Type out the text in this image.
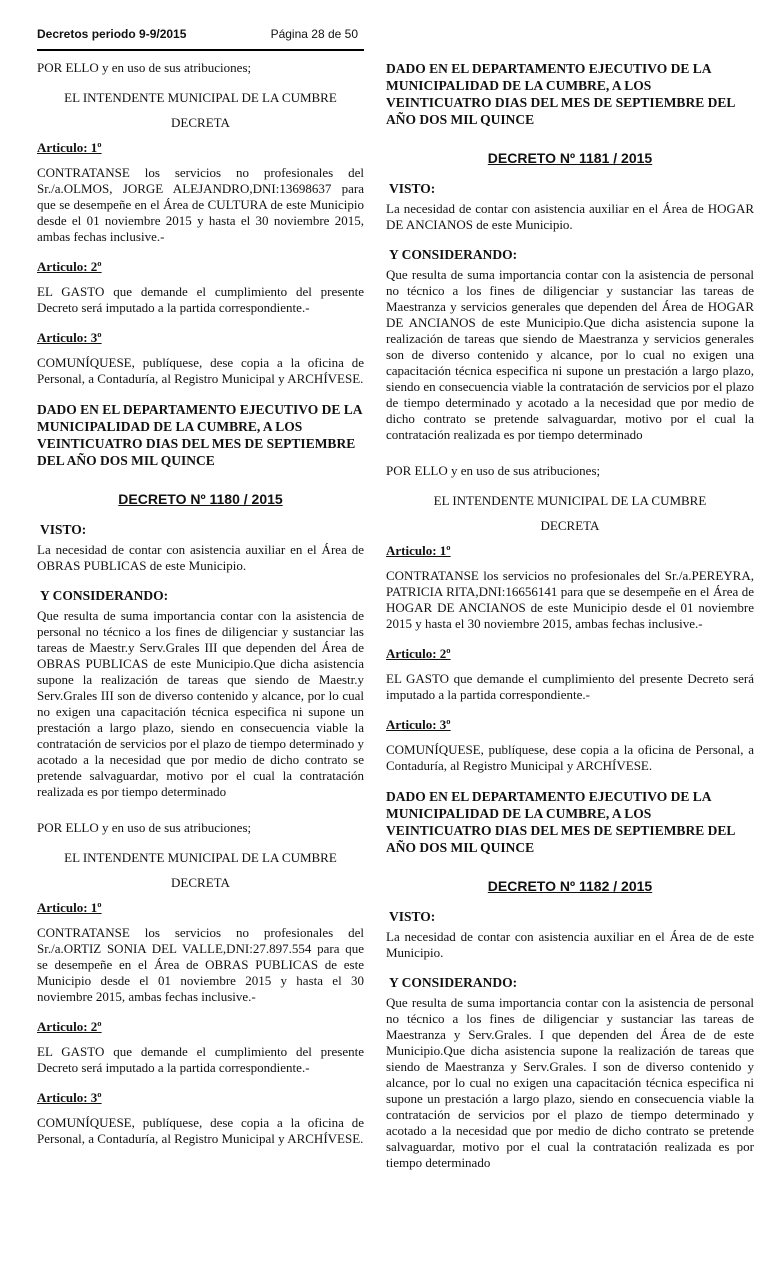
Decretos periodo 9-9/2015	Página 28 de 50

POR ELLO y en uso de sus atribuciones;

EL INTENDENTE MUNICIPAL DE LA CUMBRE

DECRETA

Articulo: 1º

CONTRATANSE los servicios no profesionales del Sr./a.OLMOS, JORGE ALEJANDRO,DNI:13698637 para que se desempeñe en el Área de CULTURA de este Municipio desde el 01 noviembre 2015 y hasta el 30 noviembre 2015, ambas fechas inclusive.-

Articulo: 2º

EL GASTO que demande el cumplimiento del presente Decreto será imputado a la partida correspondiente.-

Articulo: 3º

COMUNÍQUESE, publíquese, dese copia a la oficina de Personal, a Contaduría, al Registro Municipal y ARCHÍVESE.

DADO EN EL DEPARTAMENTO EJECUTIVO DE LA MUNICIPALIDAD DE LA CUMBRE, A LOS VEINTICUATRO DIAS DEL MES DE SEPTIEMBRE DEL AÑO DOS MIL QUINCE

DECRETO Nº 1180 / 2015

VISTO:

La necesidad de contar con asistencia auxiliar en el Área de OBRAS PUBLICAS de este Municipio.

Y CONSIDERANDO:

Que resulta de suma importancia contar con la asistencia de personal no técnico a los fines de diligenciar y sustanciar las tareas de Maestr.y Serv.Grales III que dependen del Área de OBRAS PUBLICAS de este Municipio.Que dicha asistencia supone la realización de tareas que siendo de Maestr.y Serv.Grales III son de diverso contenido y alcance, por lo cual no exigen una capacitación técnica especifica ni supone un prestación a largo plazo, siendo en consecuencia viable la contratación de servicios por el plazo de tiempo determinado y acotado a la necesidad que por medio de dicho contrato se pretende salvaguardar, motivo por el cual la contratación realizada es por tiempo determinado

POR ELLO y en uso de sus atribuciones;

EL INTENDENTE MUNICIPAL DE LA CUMBRE

DECRETA

Articulo: 1º

CONTRATANSE los servicios no profesionales del Sr./a.ORTIZ SONIA DEL VALLE,DNI:27.897.554 para que se desempeñe en el Área de OBRAS PUBLICAS de este Municipio desde el 01 noviembre 2015 y hasta el 30 noviembre 2015, ambas fechas inclusive.-

Articulo: 2º

EL GASTO que demande el cumplimiento del presente Decreto será imputado a la partida correspondiente.-

Articulo: 3º

COMUNÍQUESE, publíquese, dese copia a la oficina de Personal, a Contaduría, al Registro Municipal y ARCHÍVESE.

DADO EN EL DEPARTAMENTO EJECUTIVO DE LA MUNICIPALIDAD DE LA CUMBRE, A LOS VEINTICUATRO DIAS DEL MES DE SEPTIEMBRE DEL AÑO DOS MIL QUINCE

DECRETO Nº 1181 / 2015

VISTO:

La necesidad de contar con asistencia auxiliar en el Área de HOGAR DE ANCIANOS de este Municipio.

Y CONSIDERANDO:

Que resulta de suma importancia contar con la asistencia de personal no técnico a los fines de diligenciar y sustanciar las tareas de Maestranza y servicios generales que dependen del Área de HOGAR DE ANCIANOS de este Municipio.Que dicha asistencia supone la realización de tareas que siendo de Maestranza y servicios generales son de diverso contenido y alcance, por lo cual no exigen una capacitación técnica especifica ni supone un prestación a largo plazo, siendo en consecuencia viable la contratación de servicios por el plazo de tiempo determinado y acotado a la necesidad que por medio de dicho contrato se pretende salvaguardar, motivo por el cual la contratación realizada es por tiempo determinado

POR ELLO y en uso de sus atribuciones;

EL INTENDENTE MUNICIPAL DE LA CUMBRE

DECRETA

Articulo: 1º

CONTRATANSE los servicios no profesionales del Sr./a.PEREYRA, PATRICIA RITA,DNI:16656141 para que se desempeñe en el Área de HOGAR DE ANCIANOS de este Municipio desde el 01 noviembre 2015 y hasta el 30 noviembre 2015, ambas fechas inclusive.-

Articulo: 2º

EL GASTO que demande el cumplimiento del presente Decreto será imputado a la partida correspondiente.-

Articulo: 3º

COMUNÍQUESE, publíquese, dese copia a la oficina de Personal, a Contaduría, al Registro Municipal y ARCHÍVESE.

DADO EN EL DEPARTAMENTO EJECUTIVO DE LA MUNICIPALIDAD DE LA CUMBRE, A LOS VEINTICUATRO DIAS DEL MES DE SEPTIEMBRE DEL AÑO DOS MIL QUINCE

DECRETO Nº 1182 / 2015

VISTO:

La necesidad de contar con asistencia auxiliar en el Área de de este Municipio.

Y CONSIDERANDO:

Que resulta de suma importancia contar con la asistencia de personal no técnico a los fines de diligenciar y sustanciar las tareas de Maestranza y Serv.Grales. I que dependen del Área de de este Municipio.Que dicha asistencia supone la realización de tareas que siendo de Maestranza y Serv.Grales. I son de diverso contenido y alcance, por lo cual no exigen una capacitación técnica especifica ni supone un prestación a largo plazo, siendo en consecuencia viable la contratación de servicios por el plazo de tiempo determinado y acotado a la necesidad que por medio de dicho contrato se pretende salvaguardar, motivo por el cual la contratación realizada es por tiempo determinado
